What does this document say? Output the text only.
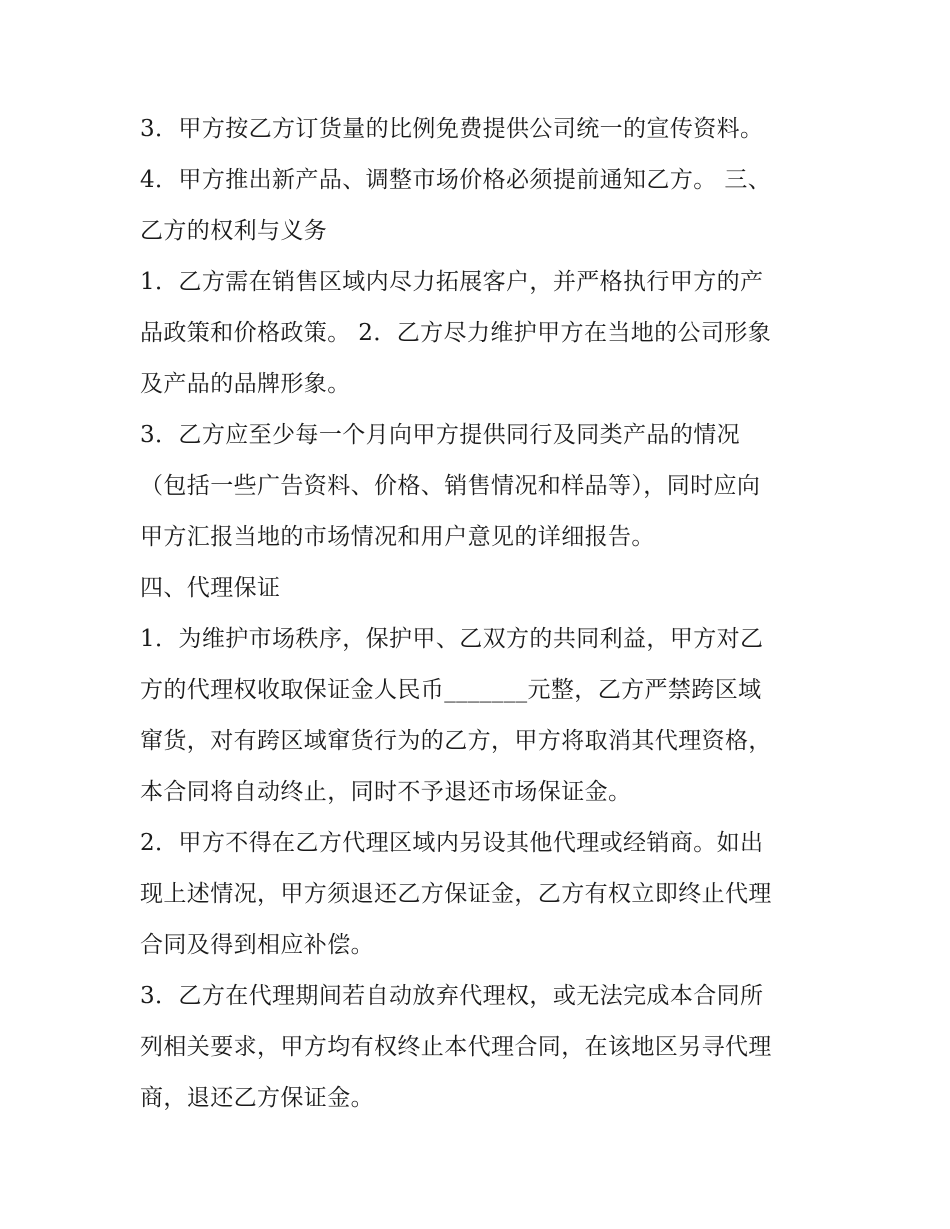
3．甲方按乙方订货量的比例免费提供公司统一的宣传资料。
4．甲方推出新产品、调整市场价格必须提前通知乙方。 三、
乙方的权利与义务
1．乙方需在销售区域内尽力拓展客户，并严格执行甲方的产
品政策和价格政策。 2．乙方尽力维护甲方在当地的公司形象
及产品的品牌形象。
3．乙方应至少每一个月向甲方提供同行及同类产品的情况
（包括一些广告资料、价格、销售情况和样品等），同时应向
甲方汇报当地的市场情况和用户意见的详细报告。
四、代理保证
1．为维护市场秩序，保护甲、乙双方的共同利益，甲方对乙
方的代理权收取保证金人民币_______元整，乙方严禁跨区域
窜货，对有跨区域窜货行为的乙方，甲方将取消其代理资格，
本合同将自动终止，同时不予退还市场保证金。
2．甲方不得在乙方代理区域内另设其他代理或经销商。如出
现上述情况，甲方须退还乙方保证金，乙方有权立即终止代理
合同及得到相应补偿。
3．乙方在代理期间若自动放弃代理权，或无法完成本合同所
列相关要求，甲方均有权终止本代理合同，在该地区另寻代理
商，退还乙方保证金。
